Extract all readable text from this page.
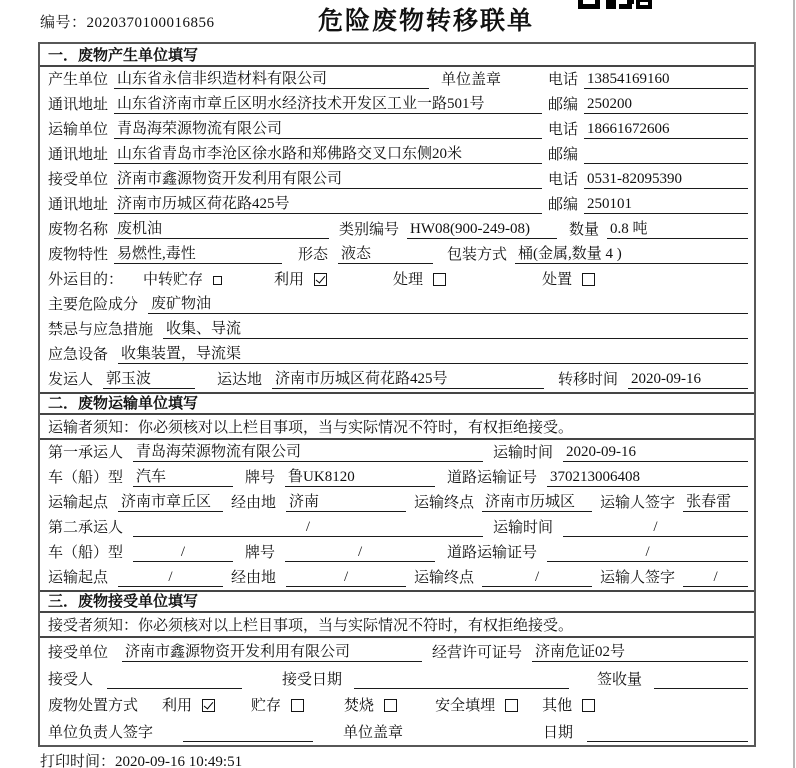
编号：2020370100016856	危险废物转移联单
一．废物产生单位填写
产生单位 山东省永信非织造材料有限公司	单位盖章	电话 13854169160
通讯地址 山东省济南市章丘区明水经济技术开发区工业一路501号	邮编 250200
运输单位 青岛海荣源物流有限公司	电话 18661672606
通讯地址 山东省青岛市李沧区徐水路和郑佛路交叉口东侧20米	邮编
接受单位 济南市鑫源物资开发利用有限公司	电话 0531-82095390
通讯地址 济南市历城区荷花路425号	邮编 250101
废物名称 废机油	类别编号 HW08(900-249-08)	数量 0.8 吨
废物特性 易燃性,毒性	形态 液态	包装方式 桶(金属,数量 4 )
外运目的： 中转贮存	利用	处理	处置
主要危险成分 废矿物油
禁忌与应急措施 收集、导流
应急设备 收集装置，导流渠
发运人 郭玉波	运达地 济南市历城区荷花路425号	转移时间 2020-09-16
二．废物运输单位填写
运输者须知：你必须核对以上栏目事项，当与实际情况不符时，有权拒绝接受。
第一承运人 青岛海荣源物流有限公司	运输时间 2020-09-16
车（船）型 汽车	牌号 鲁UK8120	道路运输证号 370213006408
运输起点 济南市章丘区	经由地 济南	运输终点 济南市历城区	运输人签字 张春雷
第二承运人	/	运输时间	/
车（船）型	/	牌号	/	道路运输证号	/
运输起点	/	经由地	/	运输终点	/	运输人签字	/
三．废物接受单位填写
接受者须知：你必须核对以上栏目事项，当与实际情况不符时，有权拒绝接受。
接受单位 济南市鑫源物资开发利用有限公司	经营许可证号 济南危证02号
接受人	接受日期	签收量
废物处置方式 利用	贮存	焚烧	安全填埋	其他
单位负责人签字	单位盖章	日期
打印时间：2020-09-16 10:49:51
